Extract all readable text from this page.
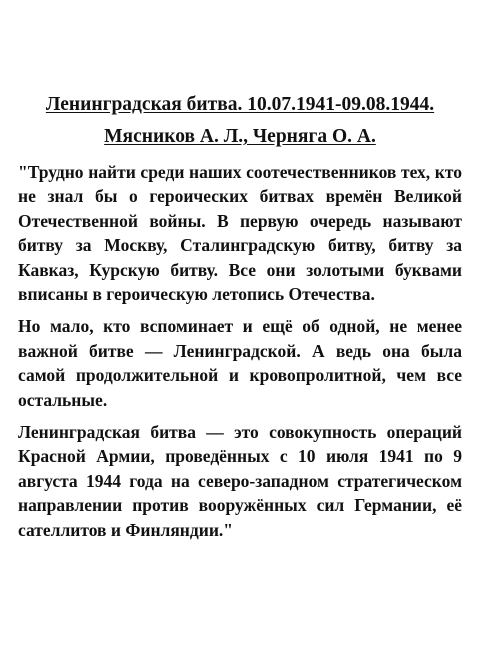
Ленинградская битва. 10.07.1941-09.08.1944.
Мясников А. Л., Черняга О. А.

"Трудно найти среди наших соотечественников тех, кто не знал бы о героических битвах времён Великой Отечественной войны. В первую очередь называют битву за Москву, Сталинградскую битву, битву за Кавказ, Курскую битву. Все они золотыми буквами вписаны в героическую летопись Отечества.

Но мало, кто вспоминает и ещё об одной, не менее важной битве — Ленинградской. А ведь она была самой продолжительной и кровопролитной, чем все остальные.

Ленинградская битва — это совокупность операций Красной Армии, проведённых с 10 июля 1941 по 9 августа 1944 года на северо-западном стратегическом направлении против вооружённых сил Германии, её сателлитов и Финляндии."
